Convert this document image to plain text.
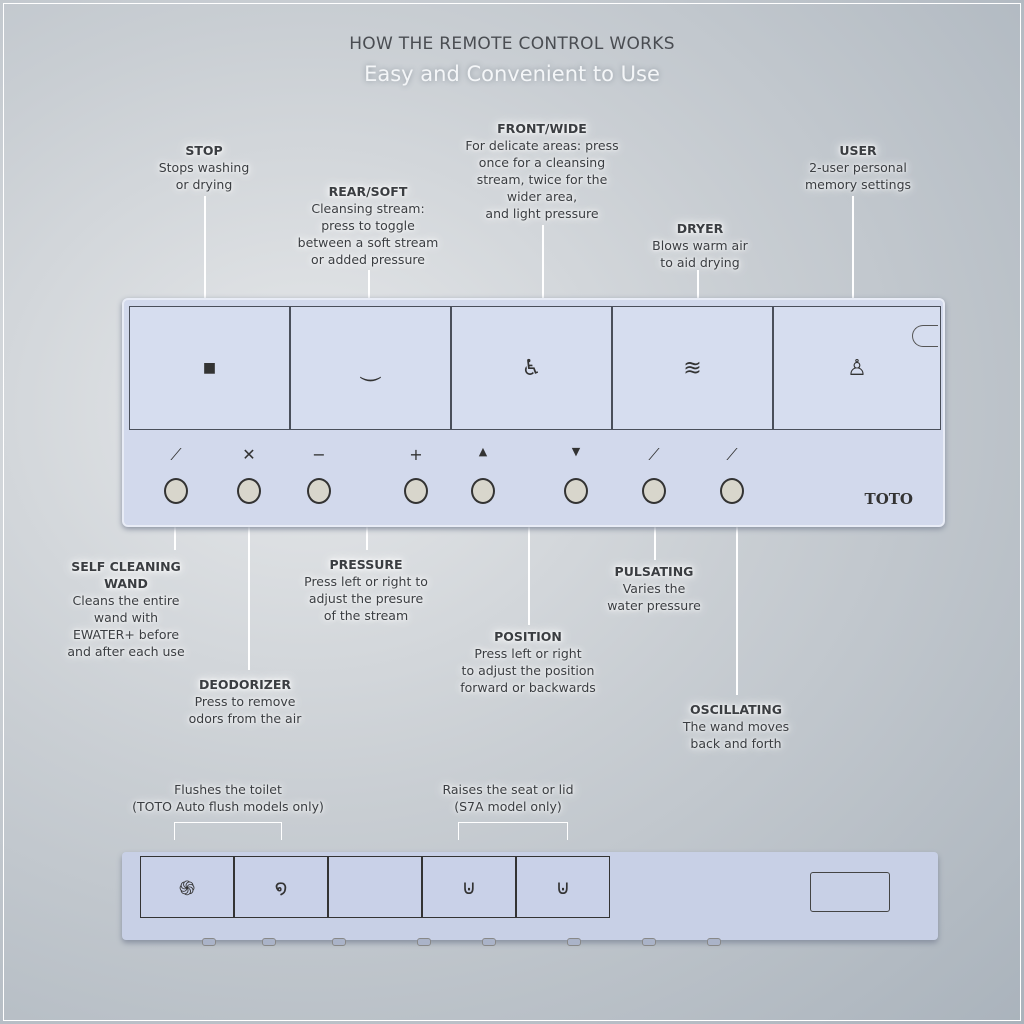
HOW THE REMOTE CONTROL WORKS
Easy and Convenient to Use
STOP
Stops washing
or drying	REAR/SOFT
Cleansing stream:
press to toggle
between a soft stream
or added pressure
FRONT/WIDE
For delicate areas: press
once for a cleansing
stream, twice for the
wider area,
and light pressure
DRYER
Blows warm air
to aid drying
USER
2-user personal
memory settings
■	⏝	♿	≋	♙
⟋	✕	−	+	▲	▼	⟋	⟋
TOTO
SELF CLEANING
WAND
Cleans the entire
wand with
EWATER+ before
and after each use
DEODORIZER
Press to remove
odors from the air
PRESSURE
Press left or right to
adjust the presure
of the stream
POSITION
Press left or right
to adjust the position
forward or backwards
PULSATING
Varies the
water pressure
OSCILLATING
The wand moves
back and forth
Flushes the toilet
(TOTO Auto flush models only)
Raises the seat or lid
(S7A model only)
֍	໑	⊍	⊍
